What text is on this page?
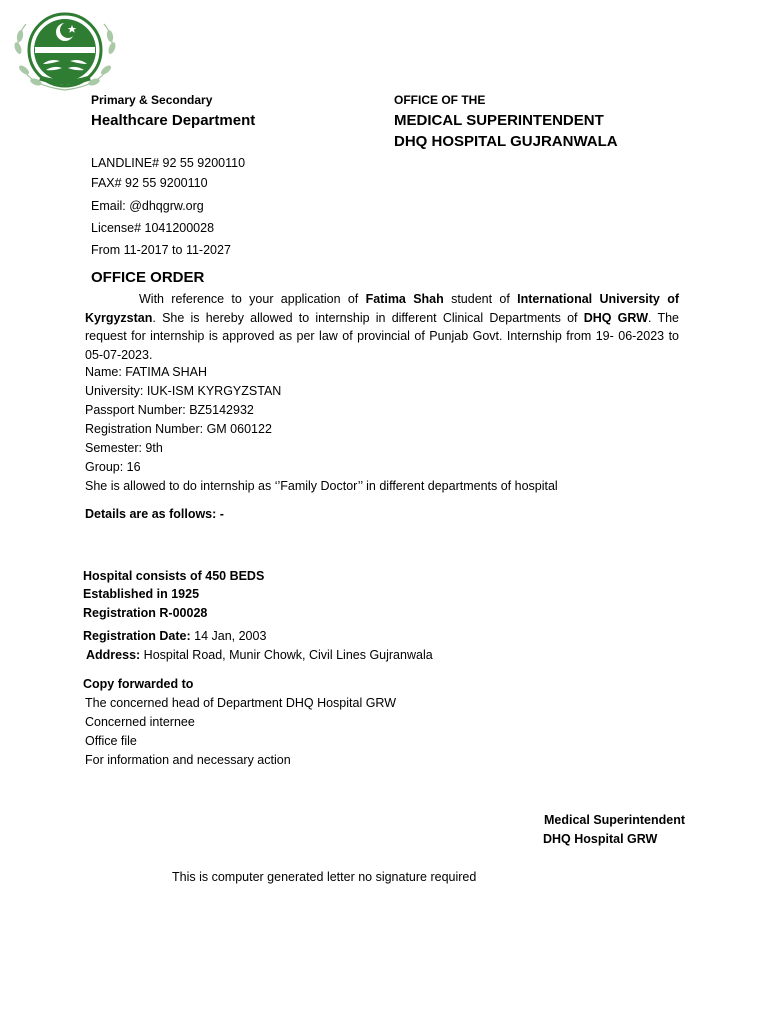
Primary & Secondary
Healthcare Department
OFFICE OF THE
MEDICAL SUPERINTENDENT
DHQ HOSPITAL GUJRANWALA
LANDLINE# 92 55 9200110
FAX# 92 55 9200110
Email: @dhqgrw.org
License# 1041200028
From 11-2017 to 11-2027
OFFICE ORDER
With reference to your application of Fatima Shah student of International University of Kyrgyzstan. She is hereby allowed to internship in different Clinical Departments of DHQ GRW. The request for internship is approved as per law of provincial of Punjab Govt. Internship from 19- 06-2023 to 05-07-2023.
Name: FATIMA SHAH
University: IUK-ISM KYRGYZSTAN
Passport Number: BZ5142932
Registration Number: GM 060122
Semester: 9th
Group: 16
She is allowed to do internship as ‘’Family Doctor’’ in different departments of hospital
Details are as follows: -
Hospital consists of 450 BEDS
Established in 1925
Registration R-00028
Registration Date: 14 Jan, 2003
Address: Hospital Road, Munir Chowk, Civil Lines Gujranwala
Copy forwarded to
The concerned head of Department DHQ Hospital GRW
Concerned internee
Office file
For information and necessary action
Medical Superintendent
DHQ Hospital GRW
This is computer generated letter no signature required
